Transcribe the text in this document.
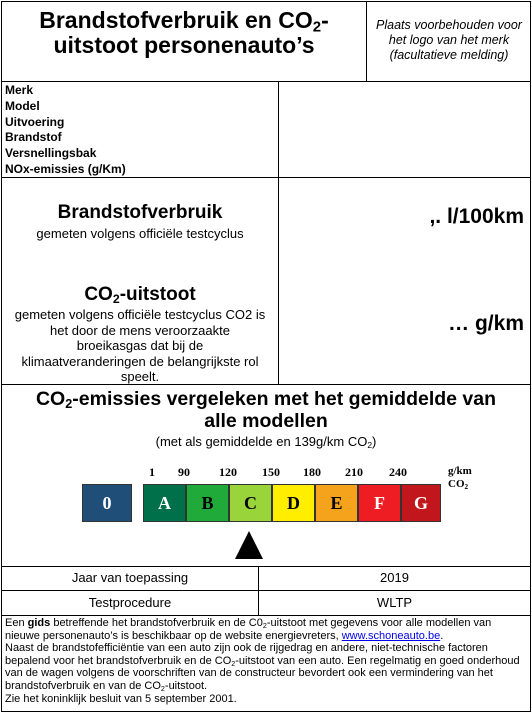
Brandstofverbruik en $CO_2-$
uitstoot personenauto’s
Plaats voorbehouden voor het logo van het merk (facultatieve melding)
Merk
Model
Uitvoering
Brandstof
Versnellingsbak
NOx-emissies (g/Km)
Brandstofverbruik
gemeten volgens officiële testcyclus
,. l/100km
$CO_2$-uitstoot
gemeten volgens officiële testcyclus CO2 is het door de mens veroorzaakte broeikasgas dat bij de klimaatveranderingen de belangrijkste rol speelt.
… g/km
$CO_2$-emissies vergeleken met het gemiddelde van alle modellen
(met als gemiddelde en 139g/km $CO_2$)
1	90	120	150	180	210	240	g/km
$CO_2$
0	A	B	C	D	E	F	G
Jaar van toepassing	2019
Testprocedure	WLTP
Een gids betreffende het brandstofverbruik en de $C0_2$-uitstoot met gegevens voor alle modellen van nieuwe personenauto’s is beschikbaar op de website energievreters, www.schoneauto.be.
Naast de brandstofefficiëntie van een auto zijn ook de rijgedrag en andere, niet-technische factoren bepalend voor het brandstofverbruik en de $CO_2$-uitstoot van een auto. Een regelmatig en goed onderhoud van de wagen volgens de voorschriften van de constructeur bevordert ook een vermindering van het brandstofverbruik en van de $CO_2$-uitstoot.
Zie het koninklijk besluit van 5 september 2001.
